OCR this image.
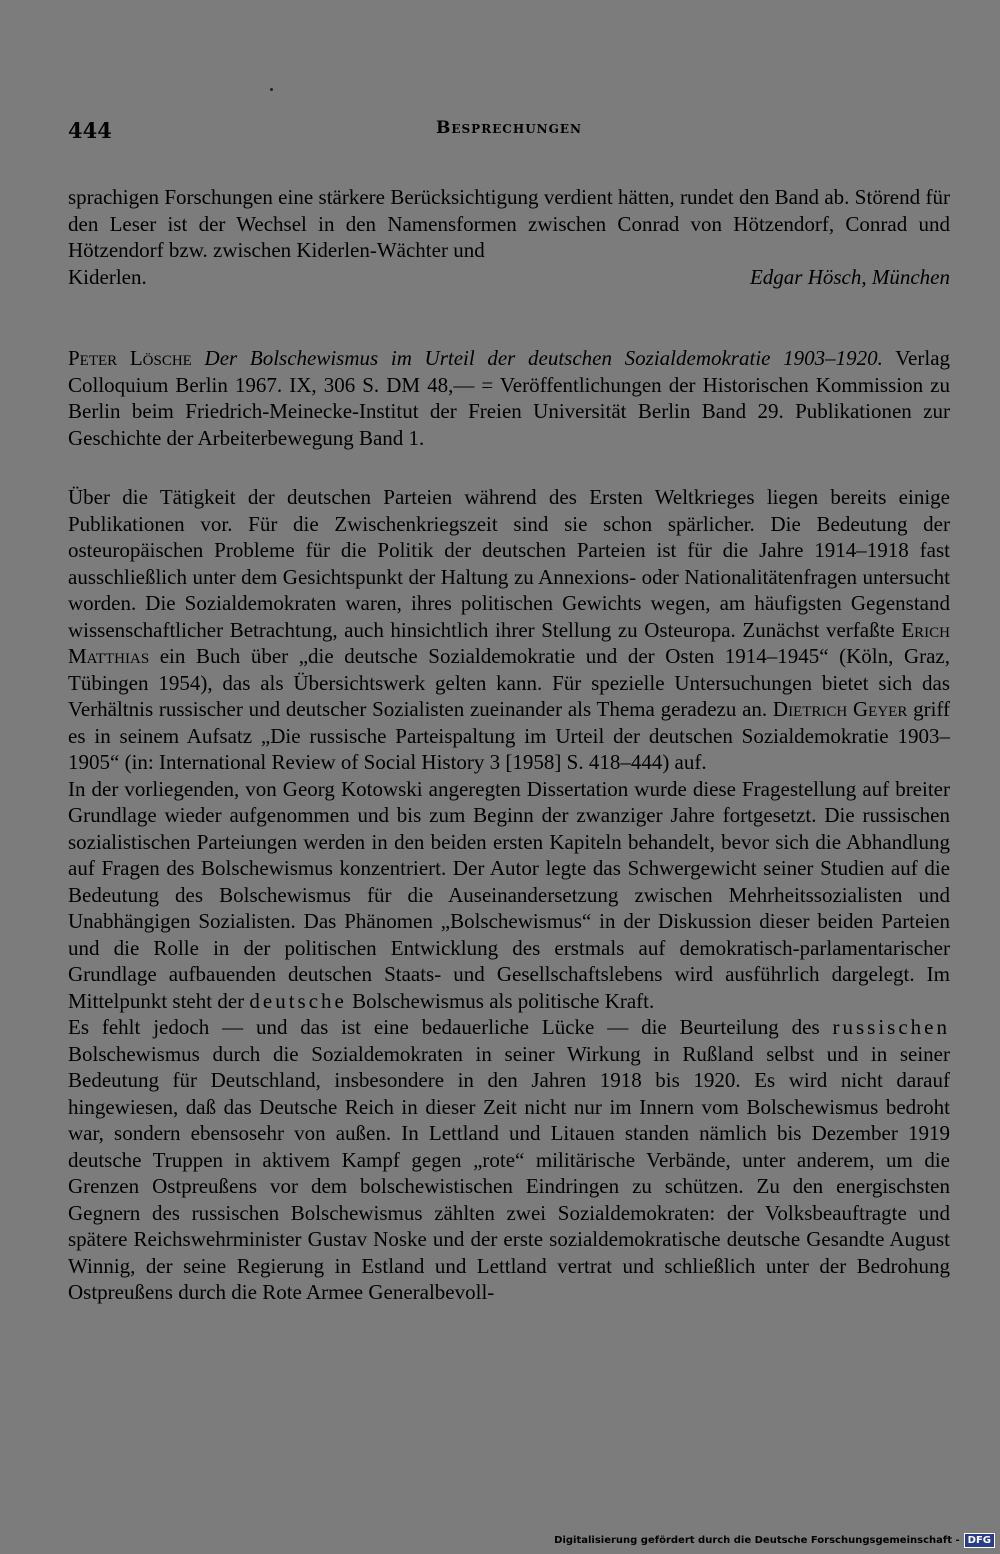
444	Besprechungen

sprachigen Forschungen eine stärkere Berücksichtigung verdient hätten, rundet den Band ab. Störend für den Leser ist der Wechsel in den Namensformen zwischen Conrad von Hötzendorf, Conrad und Hötzendorf bzw. zwischen Kiderlen-Wächter und

Kiderlen.	Edgar Hösch, München

Peter Lösche Der Bolschewismus im Urteil der deutschen Sozialdemokratie 1903–1920. Verlag Colloquium Berlin 1967. IX, 306 S. DM 48,— = Veröffentlichungen der Historischen Kommission zu Berlin beim Friedrich-Meinecke-Institut der Freien Universität Berlin Band 29. Publikationen zur Geschichte der Arbeiterbewegung Band 1.

Über die Tätigkeit der deutschen Parteien während des Ersten Weltkrieges liegen bereits einige Publikationen vor. Für die Zwischenkriegszeit sind sie schon spärlicher. Die Bedeutung der osteuropäischen Probleme für die Politik der deutschen Parteien ist für die Jahre 1914–1918 fast ausschließlich unter dem Gesichtspunkt der Haltung zu Annexions- oder Nationalitätenfragen untersucht worden. Die Sozialdemokraten waren, ihres politischen Gewichts wegen, am häufigsten Gegenstand wissenschaftlicher Betrachtung, auch hinsichtlich ihrer Stellung zu Osteuropa. Zunächst verfaßte Erich Matthias ein Buch über „die deutsche Sozialdemokratie und der Osten 1914–1945“ (Köln, Graz, Tübingen 1954), das als Übersichtswerk gelten kann. Für spezielle Untersuchungen bietet sich das Verhältnis russischer und deutscher Sozialisten zueinander als Thema geradezu an. Dietrich Geyer griff es in seinem Aufsatz „Die russische Parteispaltung im Urteil der deutschen Sozialdemokratie 1903–1905“ (in: International Review of Social History 3 [1958] S. 418–444) auf.

In der vorliegenden, von Georg Kotowski angeregten Dissertation wurde diese Fragestellung auf breiter Grundlage wieder aufgenommen und bis zum Beginn der zwanziger Jahre fortgesetzt. Die russischen sozialistischen Parteiungen werden in den beiden ersten Kapiteln behandelt, bevor sich die Abhandlung auf Fragen des Bolschewismus konzentriert. Der Autor legte das Schwergewicht seiner Studien auf die Bedeutung des Bolschewismus für die Auseinandersetzung zwischen Mehrheitssozialisten und Unabhängigen Sozialisten. Das Phänomen „Bolschewismus“ in der Diskussion dieser beiden Parteien und die Rolle in der politischen Entwicklung des erstmals auf demokratisch-parlamentarischer Grundlage aufbauenden deutschen Staats- und Gesellschaftslebens wird ausführlich dargelegt. Im Mittelpunkt steht der deutsche Bolschewismus als politische Kraft.

Es fehlt jedoch — und das ist eine bedauerliche Lücke — die Beurteilung des russischen Bolschewismus durch die Sozialdemokraten in seiner Wirkung in Rußland selbst und in seiner Bedeutung für Deutschland, insbesondere in den Jahren 1918 bis 1920. Es wird nicht darauf hingewiesen, daß das Deutsche Reich in dieser Zeit nicht nur im Innern vom Bolschewismus bedroht war, sondern ebensosehr von außen. In Lettland und Litauen standen nämlich bis Dezember 1919 deutsche Truppen in aktivem Kampf gegen „rote“ militärische Verbände, unter anderem, um die Grenzen Ostpreußens vor dem bolschewistischen Eindringen zu schützen. Zu den energischsten Gegnern des russischen Bolschewismus zählten zwei Sozialdemokraten: der Volksbeauftragte und spätere Reichswehrminister Gustav Noske und der erste sozialdemokratische deutsche Gesandte August Winnig, der seine Regierung in Estland und Lettland vertrat und schließlich unter der Bedrohung Ostpreußens durch die Rote Armee Generalbevoll-

Digitalisierung gefördert durch die Deutsche Forschungsgemeinschaft - DFG
